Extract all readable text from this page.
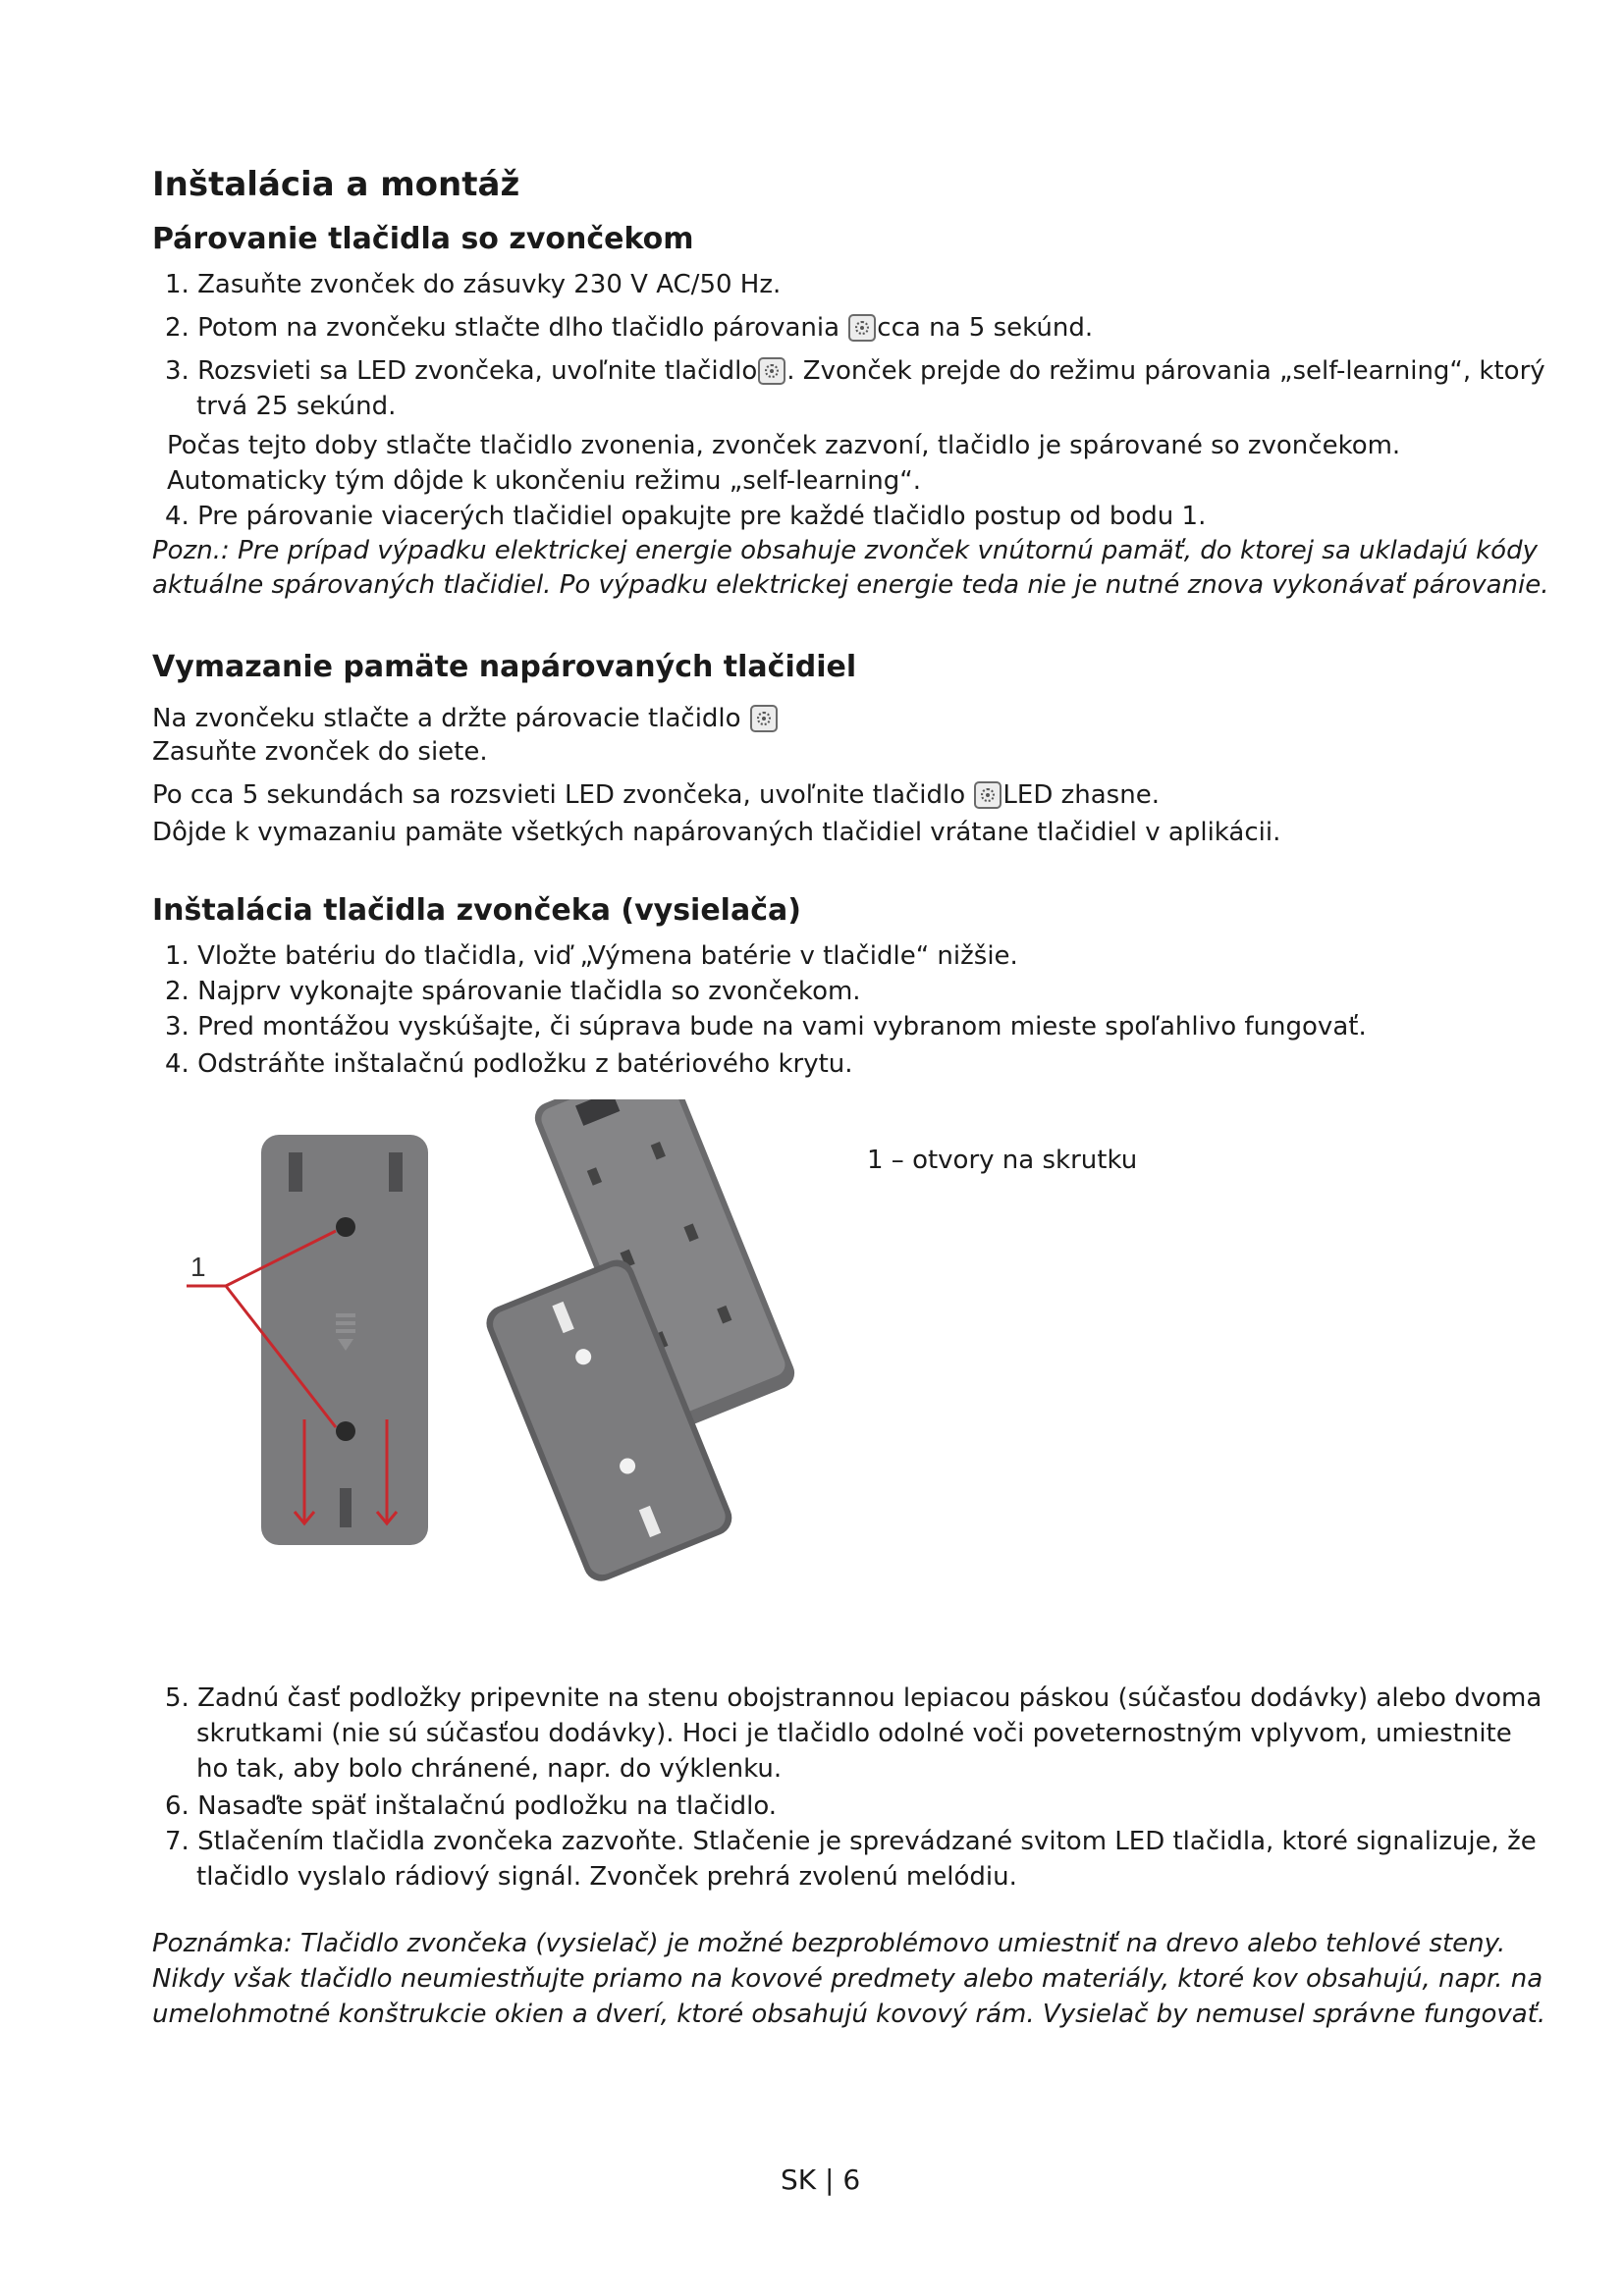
Inštalácia a montáž
Párovanie tlačidla so zvončekom
1. Zasuňte zvonček do zásuvky 230 V AC/50 Hz.
2. Potom na zvončeku stlačte dlho tlačidlo párovania cca na 5 sekúnd.
3. Rozsvieti sa LED zvončeka, uvoľnite tlačidlo . Zvonček prejde do režimu párovania „self-learning“, ktorý
trvá 25 sekúnd.
Počas tejto doby stlačte tlačidlo zvonenia, zvonček zazvoní, tlačidlo je spárované so zvončekom.
Automaticky tým dôjde k ukončeniu režimu „self-learning“.
4. Pre párovanie viacerých tlačidiel opakujte pre každé tlačidlo postup od bodu 1.
Pozn.: Pre prípad výpadku elektrickej energie obsahuje zvonček vnútornú pamäť, do ktorej sa ukladajú kódy
aktuálne spárovaných tlačidiel. Po výpadku elektrickej energie teda nie je nutné znova vykonávať párovanie.
Vymazanie pamäte napárovaných tlačidiel
Na zvončeku stlačte a držte párovacie tlačidlo
Zasuňte zvonček do siete.
Po cca 5 sekundách sa rozsvieti LED zvončeka, uvoľnite tlačidlo LED zhasne.
Dôjde k vymazaniu pamäte všetkých napárovaných tlačidiel vrátane tlačidiel v aplikácii.
Inštalácia tlačidla zvončeka (vysielača)
1. Vložte batériu do tlačidla, viď „Výmena batérie v tlačidle“ nižšie.
2. Najprv vykonajte spárovanie tlačidla so zvončekom.
3. Pred montážou vyskúšajte, či súprava bude na vami vybranom mieste spoľahlivo fungovať.
4. Odstráňte inštalačnú podložku z batériového krytu.
1
1 – otvory na skrutku
5. Zadnú časť podložky pripevnite na stenu obojstrannou lepiacou páskou (súčasťou dodávky) alebo dvoma
skrutkami (nie sú súčasťou dodávky). Hoci je tlačidlo odolné voči poveternostným vplyvom, umiestnite
ho tak, aby bolo chránené, napr. do výklenku.
6. Nasaďte späť inštalačnú podložku na tlačidlo.
7. Stlačením tlačidla zvončeka zazvoňte. Stlačenie je sprevádzané svitom LED tlačidla, ktoré signalizuje, že
tlačidlo vyslalo rádiový signál. Zvonček prehrá zvolenú melódiu.
Poznámka: Tlačidlo zvončeka (vysielač) je možné bezproblémovo umiestniť na drevo alebo tehlové steny.
Nikdy však tlačidlo neumiestňujte priamo na kovové predmety alebo materiály, ktoré kov obsahujú, napr. na
umelohmotné konštrukcie okien a dverí, ktoré obsahujú kovový rám. Vysielač by nemusel správne fungovať.
SK | 6
